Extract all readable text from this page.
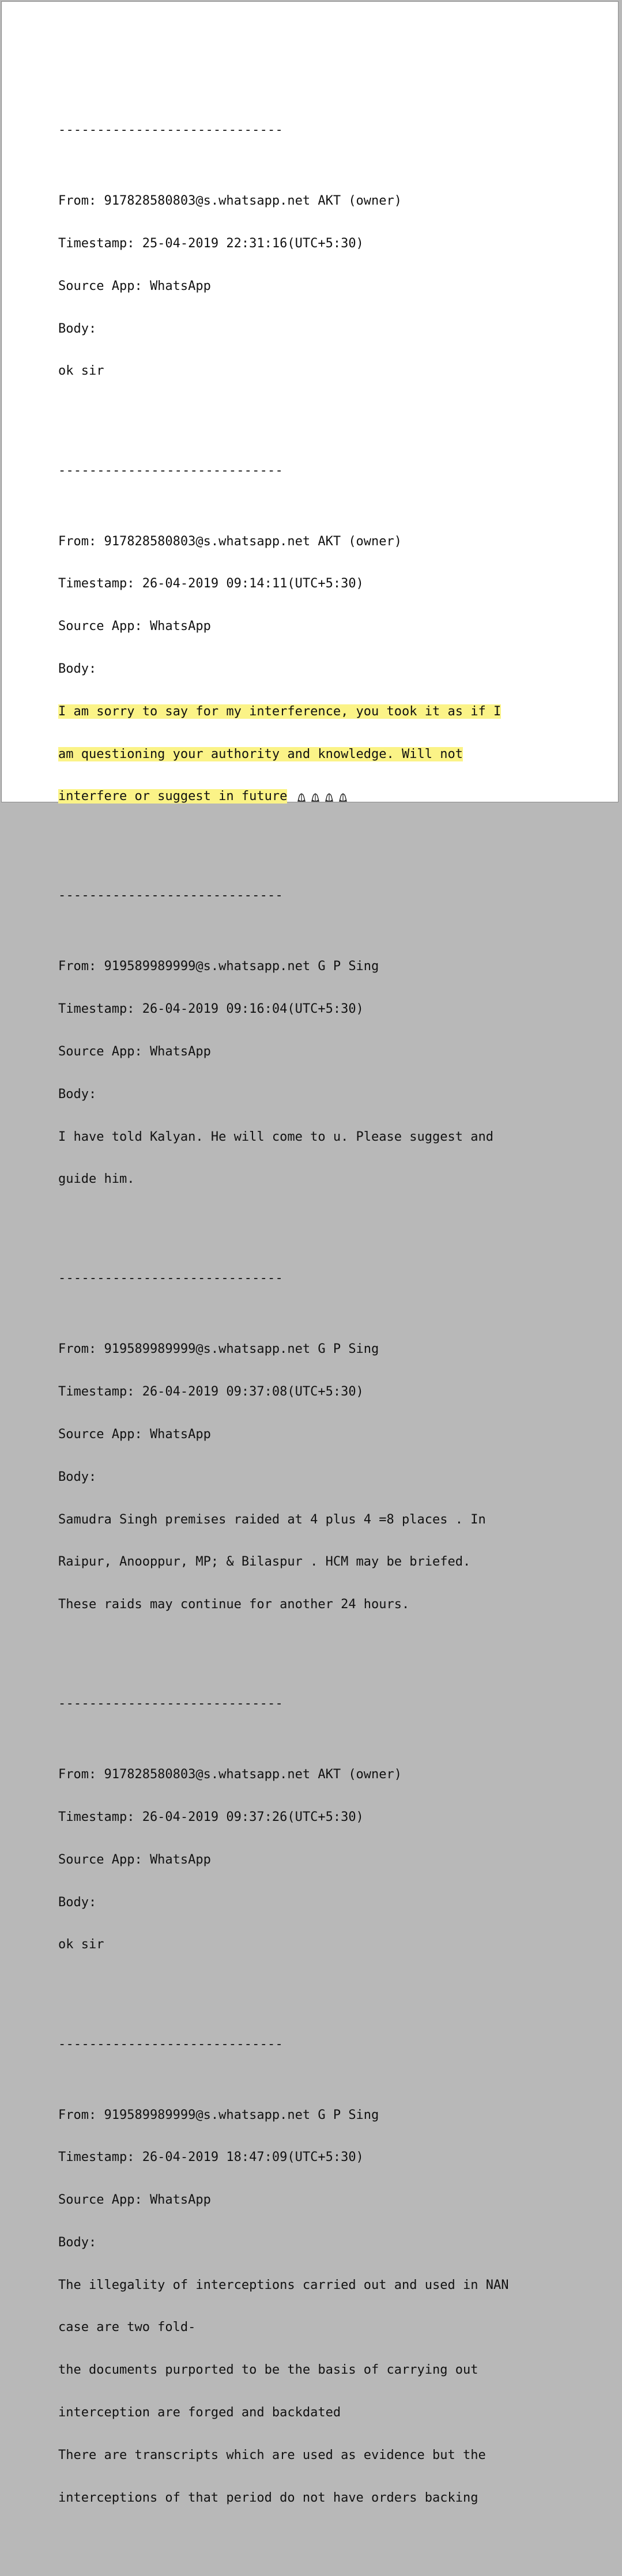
-----------------------------

From: 917828580803@s.whatsapp.net AKT (owner)

Timestamp: 25-04-2019 22:31:16(UTC+5:30)

Source App: WhatsApp

Body:

ok sir

-----------------------------

From: 917828580803@s.whatsapp.net AKT (owner)

Timestamp: 26-04-2019 09:14:11(UTC+5:30)

Source App: WhatsApp

Body:

I am sorry to say for my interference, you took it as if I

am questioning your authority and knowledge. Will not

interfere or suggest in future

-----------------------------

From: 919589989999@s.whatsapp.net G P Sing

Timestamp: 26-04-2019 09:16:04(UTC+5:30)

Source App: WhatsApp

Body:

I have told Kalyan. He will come to u. Please suggest and

guide him.

-----------------------------

From: 919589989999@s.whatsapp.net G P Sing

Timestamp: 26-04-2019 09:37:08(UTC+5:30)

Source App: WhatsApp

Body:

Samudra Singh premises raided at 4 plus 4 =8 places . In

Raipur, Anooppur, MP; & Bilaspur . HCM may be briefed.

These raids may continue for another 24 hours.

-----------------------------

From: 917828580803@s.whatsapp.net AKT (owner)

Timestamp: 26-04-2019 09:37:26(UTC+5:30)

Source App: WhatsApp

Body:

ok sir

-----------------------------

From: 919589989999@s.whatsapp.net G P Sing

Timestamp: 26-04-2019 18:47:09(UTC+5:30)

Source App: WhatsApp

Body:

The illegality of interceptions carried out and used in NAN

case are two fold-

the documents purported to be the basis of carrying out

interception are forged and backdated

There are transcripts which are used as evidence but the

interceptions of that period do not have orders backing
